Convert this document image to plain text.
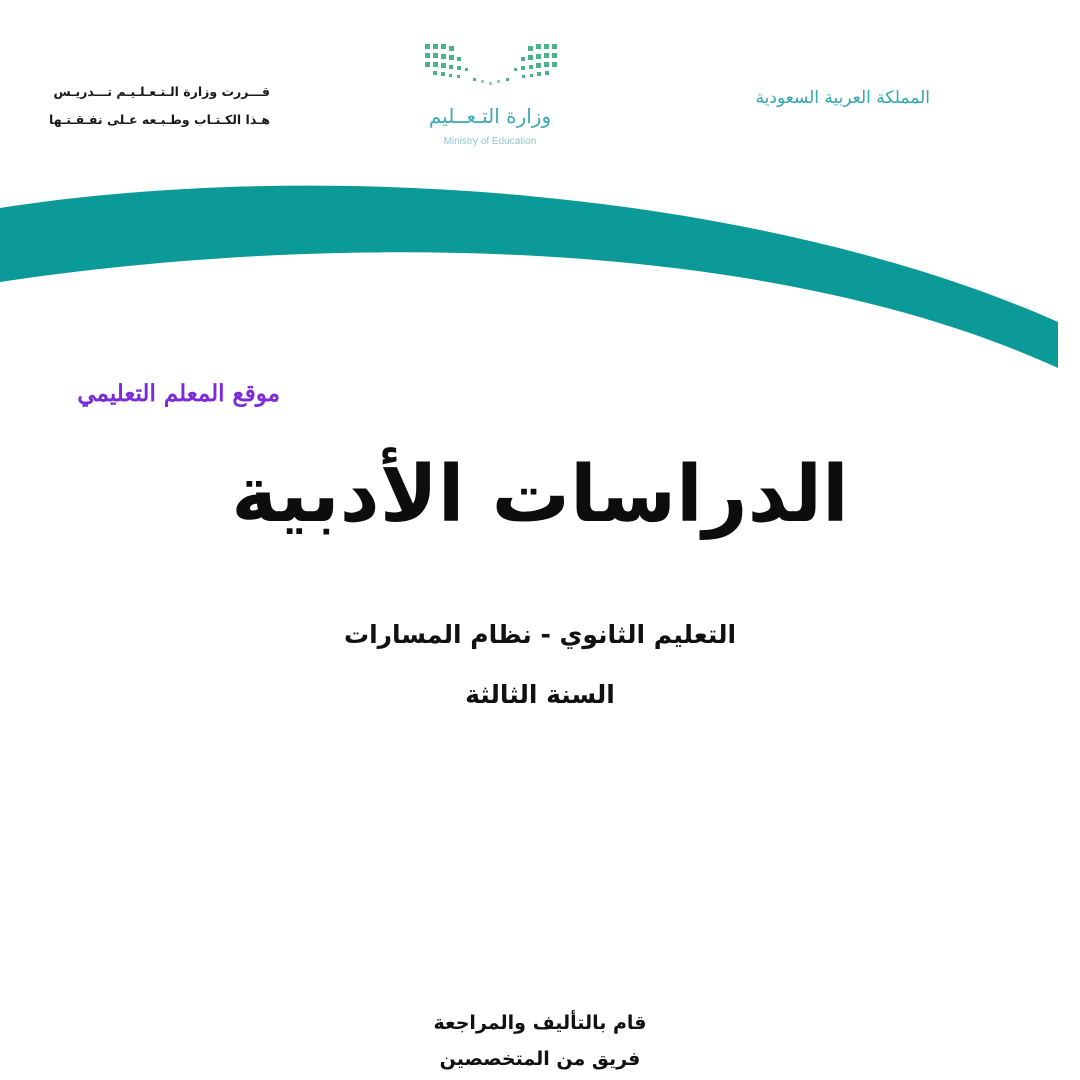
قـــررت وزارة الـتـعـلـيـم تـــدريـس
هـذا الكـتـاب وطـبـعه عـلى نفـقـتـها	وزارة التـعــليم
Ministry of Education
المملكة العربية السعودية
موقع المعلم التعليمي
الدراسات الأدبية
التعليم الثانوي - نظام المسارات
السنة الثالثة
قام بالتأليف والمراجعة
فريق من المتخصصين
